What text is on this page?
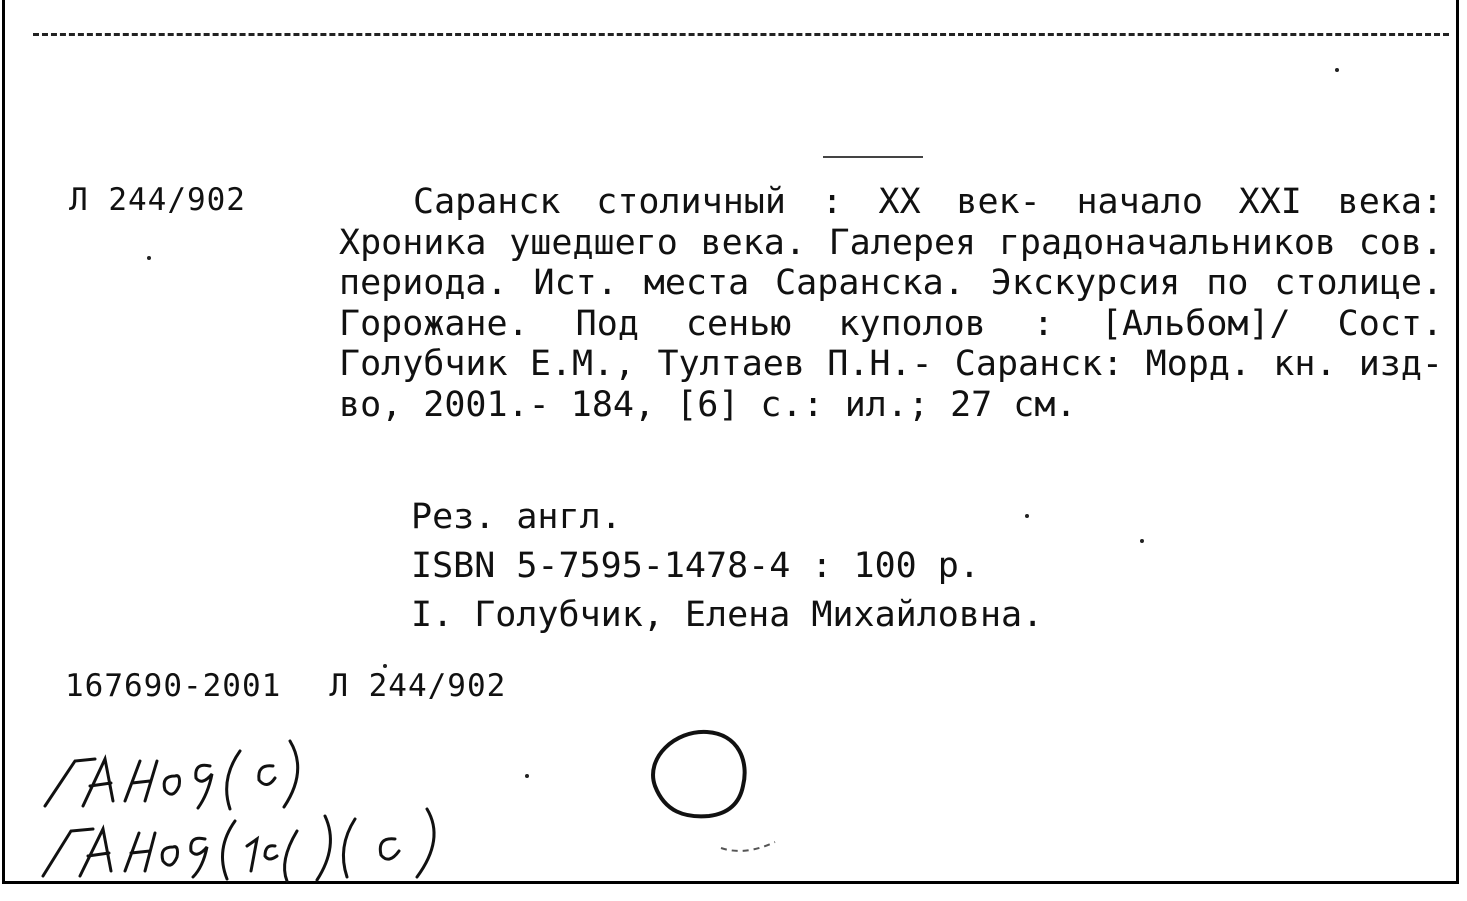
Л 244/902	Саранск столичный : XX век- начало XXI века: Хроника ушедшего века. Галерея градоначальников сов. периода. Ист. места Саранска. Экскурсия по столице. Горожане. Под сенью куполов : [Альбом]/ Сост. Голубчик Е.М., Тултаев П.Н.- Саранск: Морд. кн. изд-во, 2001.- 184, [6] с.: ил.; 27 см.

Рез. англ.
ISBN 5-7595-1478-4 : 100 р.
I. Голубчик, Елена Михайловна.
167690-2001 Л 244/902
